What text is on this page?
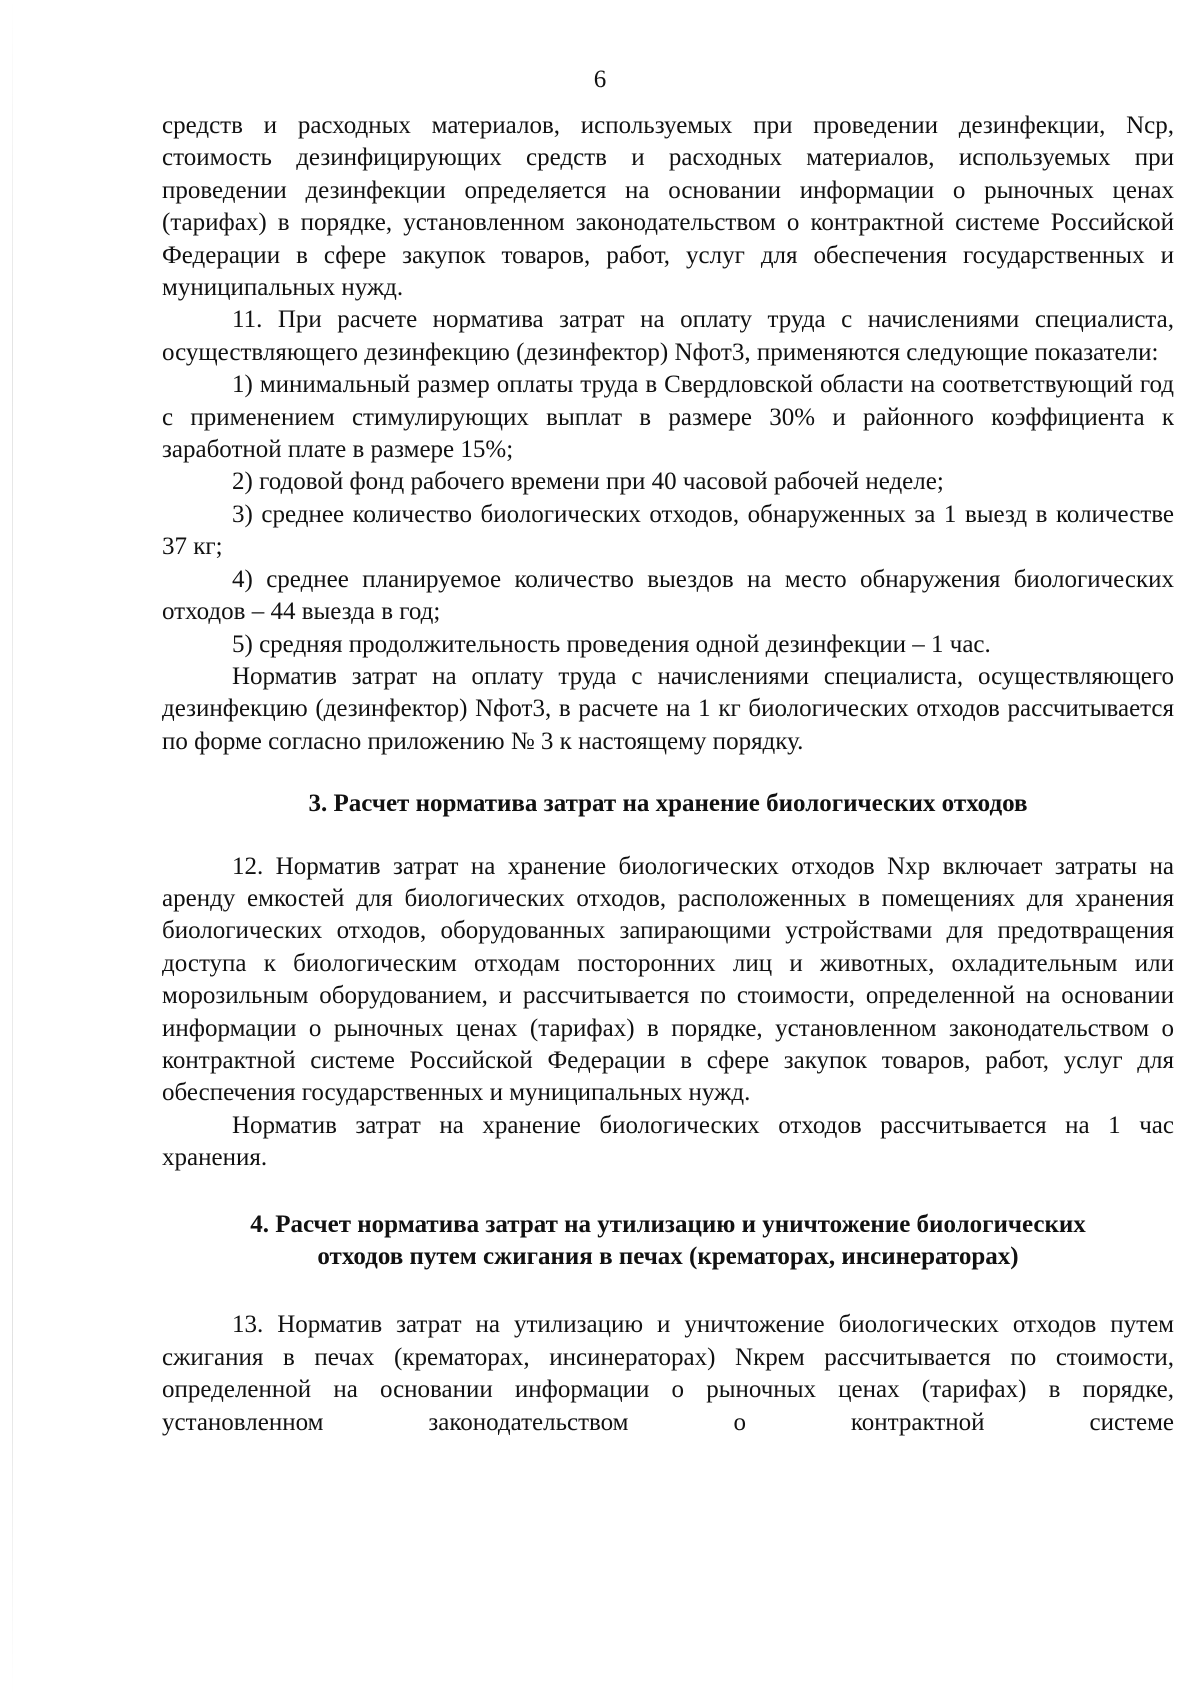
6

средств и расходных материалов, используемых при проведении дезинфекции, Nср, стоимость дезинфицирующих средств и расходных материалов, используемых при проведении дезинфекции определяется на основании информации о рыночных ценах (тарифах) в порядке, установленном законодательством о контрактной системе Российской Федерации в сфере закупок товаров, работ, услуг для обеспечения государственных и муниципальных нужд.

11. При расчете норматива затрат на оплату труда с начислениями специалиста, осуществляющего дезинфекцию (дезинфектор) Nфот3, применяются следующие показатели:

1) минимальный размер оплаты труда в Свердловской области на соответствующий год с применением стимулирующих выплат в размере 30% и районного коэффициента к заработной плате в размере 15%;

2) годовой фонд рабочего времени при 40 часовой рабочей неделе;

3) среднее количество биологических отходов, обнаруженных за 1 выезд в количестве 37 кг;

4) среднее планируемое количество выездов на место обнаружения биологических отходов – 44 выезда в год;

5) средняя продолжительность проведения одной дезинфекции – 1 час.

Норматив затрат на оплату труда с начислениями специалиста, осуществляющего дезинфекцию (дезинфектор) Nфот3, в расчете на 1 кг биологических отходов рассчитывается по форме согласно приложению № 3 к настоящему порядку.

3. Расчет норматива затрат на хранение биологических отходов

12. Норматив затрат на хранение биологических отходов Nхр включает затраты на аренду емкостей для биологических отходов, расположенных в помещениях для хранения биологических отходов, оборудованных запирающими устройствами для предотвращения доступа к биологическим отходам посторонних лиц и животных, охладительным или морозильным оборудованием, и рассчитывается по стоимости, определенной на основании информации о рыночных ценах (тарифах) в порядке, установленном законодательством о контрактной системе Российской Федерации в сфере закупок товаров, работ, услуг для обеспечения государственных и муниципальных нужд.

Норматив затрат на хранение биологических отходов рассчитывается на 1 час хранения.

4. Расчет норматива затрат на утилизацию и уничтожение биологических

отходов путем сжигания в печах (крематорах, инсинераторах)

13. Норматив затрат на утилизацию и уничтожение биологических отходов путем сжигания в печах (крематорах, инсинераторах) Nкрем рассчитывается по стоимости, определенной на основании информации о рыночных ценах (тарифах) в порядке, установленном законодательством о контрактной системе
